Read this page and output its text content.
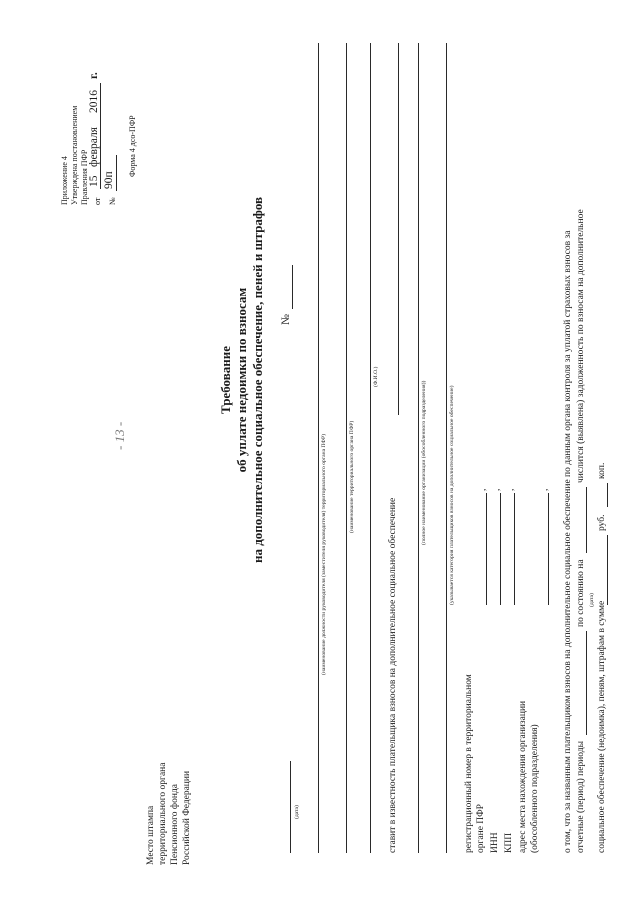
Приложение 4 Утверждена постановлением Правления ПФР от
15
февраля
2016
г.
№
90п
Форма 4 дсо-ПФР
Место штампа территориального органа Пенсионного фонда Российской Федерации
- 13 -
Требование об уплате недоимки по взносам на дополнительное социальное обеспечение, пеней и штрафов №
(дата)
(наименование должности руководителя (заместителя руководителя) территориального органа ПФР)	(наименование территориального органа ПФР)
(Ф.И.О.)
ставит в известность плательщика взносов на дополнительное социальное обеспечение
(полное наименование организации (обособленного подразделения))	(указывается категория плательщиков взносов на дополнительное социальное обеспечение)
регистрационный номер в территориальном органе ПФР
,
ИНН
,
КПП
,
адрес места нахождения организации (обособленного подразделения)
, о том, что за названным плательщиком взносов на дополнительное социальное обеспечение по данным органа контроля за уплатой страховых взносов за отчетные (период) периоды
по состоянию на
числится (выявлена) задолженность по взносам на дополнительное
(дата)
социальное обеспечение (недоимка), пеням, штрафам в сумме
руб.
коп.
